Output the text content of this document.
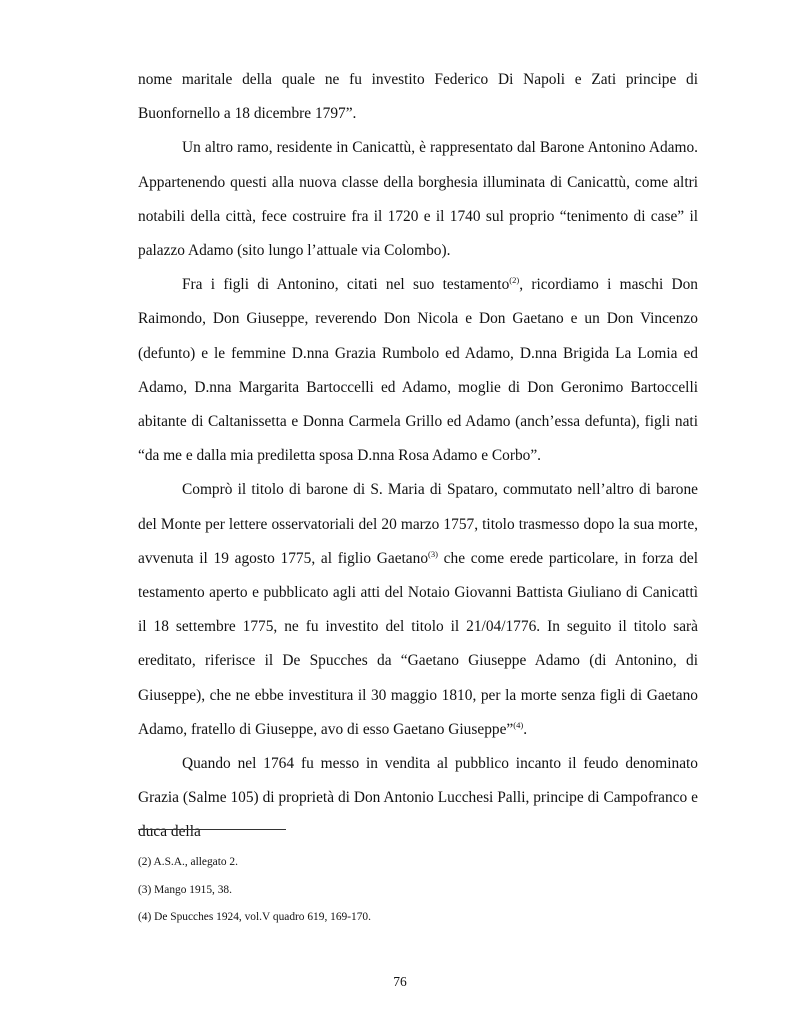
nome maritale della quale ne fu investito Federico Di Napoli e Zati principe di Buonfornello a 18 dicembre 1797”.

Un altro ramo, residente in Canicattù, è rappresentato dal Barone Antonino Adamo. Appartenendo questi alla nuova classe della borghesia illuminata di Canicattù, come altri notabili della città, fece costruire fra il 1720 e il 1740 sul proprio “tenimento di case” il palazzo Adamo (sito lungo l’attuale via Colombo).

Fra i figli di Antonino, citati nel suo testamento$^{(2)}$, ricordiamo i maschi Don Raimondo, Don Giuseppe, reverendo Don Nicola e Don Gaetano e un Don Vincenzo (defunto) e le femmine D.nna Grazia Rumbolo ed Adamo, D.nna Brigida La Lomia ed Adamo, D.nna Margarita Bartoccelli ed Adamo, moglie di Don Geronimo Bartoccelli abitante di Caltanissetta e Donna Carmela Grillo ed Adamo (anch’essa defunta), figli nati “da me e dalla mia prediletta sposa D.nna Rosa Adamo e Corbo”.

Comprò il titolo di barone di S. Maria di Spataro, commutato nell’altro di barone del Monte per lettere osservatoriali del 20 marzo 1757, titolo trasmesso dopo la sua morte, avvenuta il 19 agosto 1775, al figlio Gaetano$^{(3)}$ che come erede particolare, in forza del testamento aperto e pubblicato agli atti del Notaio Giovanni Battista Giuliano di Canicattì il 18 settembre 1775, ne fu investito del titolo il 21/04/1776. In seguito il titolo sarà ereditato, riferisce il De Spucches da “Gaetano Giuseppe Adamo (di Antonino, di Giuseppe), che ne ebbe investitura il 30 maggio 1810, per la morte senza figli di Gaetano Adamo, fratello di Giuseppe, avo di esso Gaetano Giuseppe”$^{(4)}$.

Quando nel 1764 fu messo in vendita al pubblico incanto il feudo denominato Grazia (Salme 105) di proprietà di Don Antonio Lucchesi Palli, principe di Campofranco e duca della

(2) A.S.A., allegato 2.
(3) Mango 1915, 38.
(4) De Spucches 1924, vol.V quadro 619, 169-170.
76
